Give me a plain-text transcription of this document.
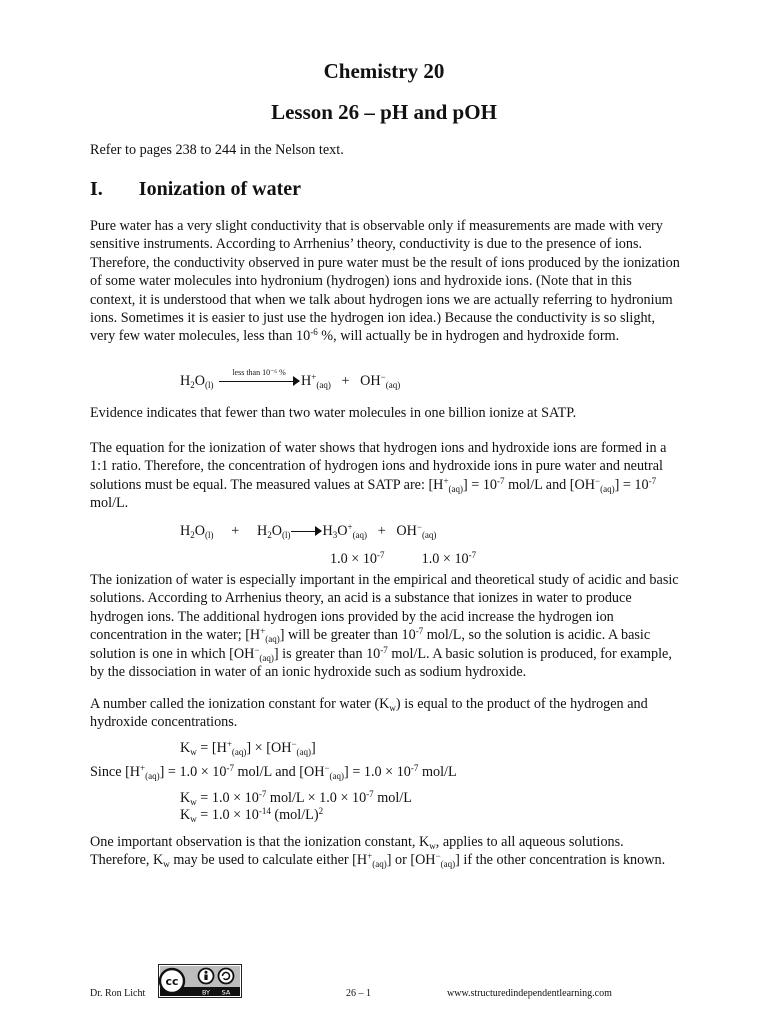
Chemistry 20
Lesson 26 – pH and pOH

Refer to pages 238 to 244 in the Nelson text.

I. Ionization of water

Pure water has a very slight conductivity that is observable only if measurements are made with very sensitive instruments. According to Arrhenius’ theory, conductivity is due to the presence of ions. Therefore, the conductivity observed in pure water must be the result of ions produced by the ionization of some water molecules into hydronium (hydrogen) ions and hydroxide ions. (Note that in this context, it is understood that when we talk about hydrogen ions we are actually referring to hydronium ions. Sometimes it is easier to just use the hydrogen ion idea.) Because the conductivity is so slight, very few water molecules, less than $10^{-6}$ %, will actually be in hydrogen and hydroxide form.

$H_2O_{(l)}$
less than 10⁻⁶ %
$H^+_{(aq)} + OH^-_{(aq)}$

Evidence indicates that fewer than two water molecules in one billion ionize at SATP.

The equation for the ionization of water shows that hydrogen ions and hydroxide ions are formed in a 1:1 ratio. Therefore, the concentration of hydrogen ions and hydroxide ions in pure water and neutral solutions must be equal. The measured values at SATP are: $[H^+_{(aq)}] = 10^{-7}$ mol/L and $[OH^-_{(aq)}] = 10^{-7}$ mol/L.

$H_2O_{(l)} + H_2O_{(l)}$ $H_3O^+_{(aq)} + OH^-_{(aq)}$
$1.0 \times 10^{-7}$	$1.0 \times 10^{-7}$

The ionization of water is especially important in the empirical and theoretical study of acidic and basic solutions. According to Arrhenius theory, an acid is a substance that ionizes in water to produce hydrogen ions. The additional hydrogen ions provided by the acid increase the hydrogen ion concentration in the water; $[H^+_{(aq)}]$ will be greater than $10^{-7}$ mol/L, so the solution is acidic. A basic solution is one in which $[OH^-_{(aq)}]$ is greater than $10^{-7}$ mol/L. A basic solution is produced, for example, by the dissociation in water of an ionic hydroxide such as sodium hydroxide.

A number called the ionization constant for water $(K_w)$ is equal to the product of the hydrogen and hydroxide concentrations.

$K_w = [H^+_{(aq)}] \times [OH^-_{(aq)}]$
Since $[H^+_{(aq)}] = 1.0 \times 10^{-7}$ mol/L and $[OH^-_{(aq)}] = 1.0 \times 10^{-7}$ mol/L
$K_w = 1.0 \times 10^{-7}$ $mol/L \times 1.0 \times 10^{-7}$ mol/L
$K_w = 1.0 \times 10^{-14}$ $(mol/L)^2$

One important observation is that the ionization constant, $K_w$, applies to all aqueous solutions. Therefore, $K_w$ may be used to calculate either $[H^+_{(aq)}]$ or $[OH^-_{(aq)}]$ if the other concentration is known.

Dr. Ron Licht
cc
BY SA	26 – 1	www.structuredindependentlearning.com
